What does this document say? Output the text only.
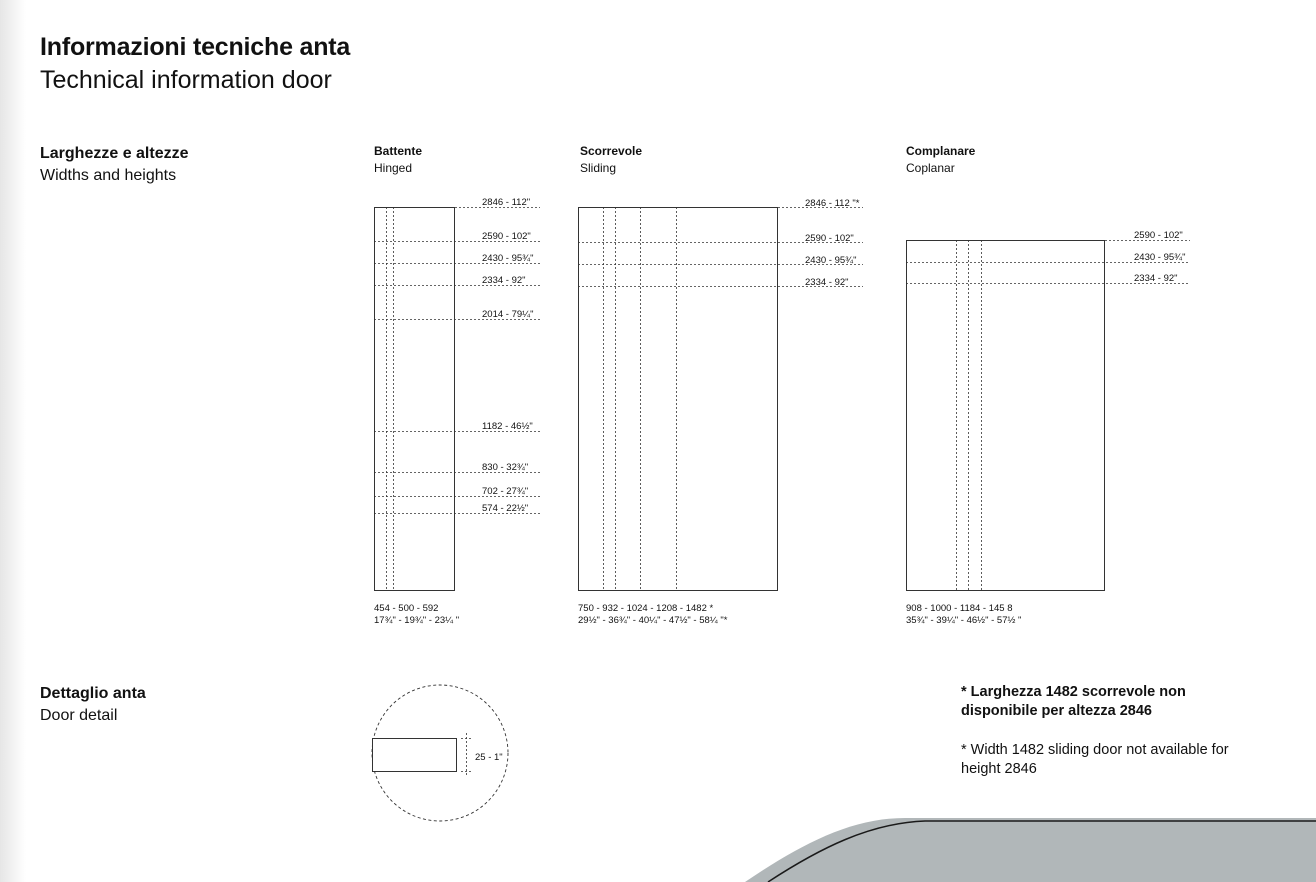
Informazioni tecniche anta
Technical information door
Larghezze e altezze
Widths and heights
Dettaglio anta
Door detail
Battente
Hinged
Scorrevole
Sliding
Complanare
Coplanar
2846 - 112"
2590 - 102"
2430 - 95¾"
2334 - 92"
2014 - 79¼"
1182 - 46½"
830 - 32¾"
702 - 27¾"
574 - 22½"
454 - 500 - 592
17¾" - 19¾" - 23¼ "
2846 - 112 "*
2590 - 102"
2430 - 95¾"
2334 - 92"
750 - 932 - 1024 - 1208 - 1482 *
29½" - 36¾" - 40¼" - 47½" - 58¼ "*
2590 - 102"
2430 - 95¾"
2334 - 92"
908 - 1000 - 1184 - 145 8
35¾" - 39¼" - 46½" - 57½ "
25 - 1"
* Larghezza 1482 scorrevole non disponibile per altezza 2846
* Width 1482 sliding door not available for height 2846
